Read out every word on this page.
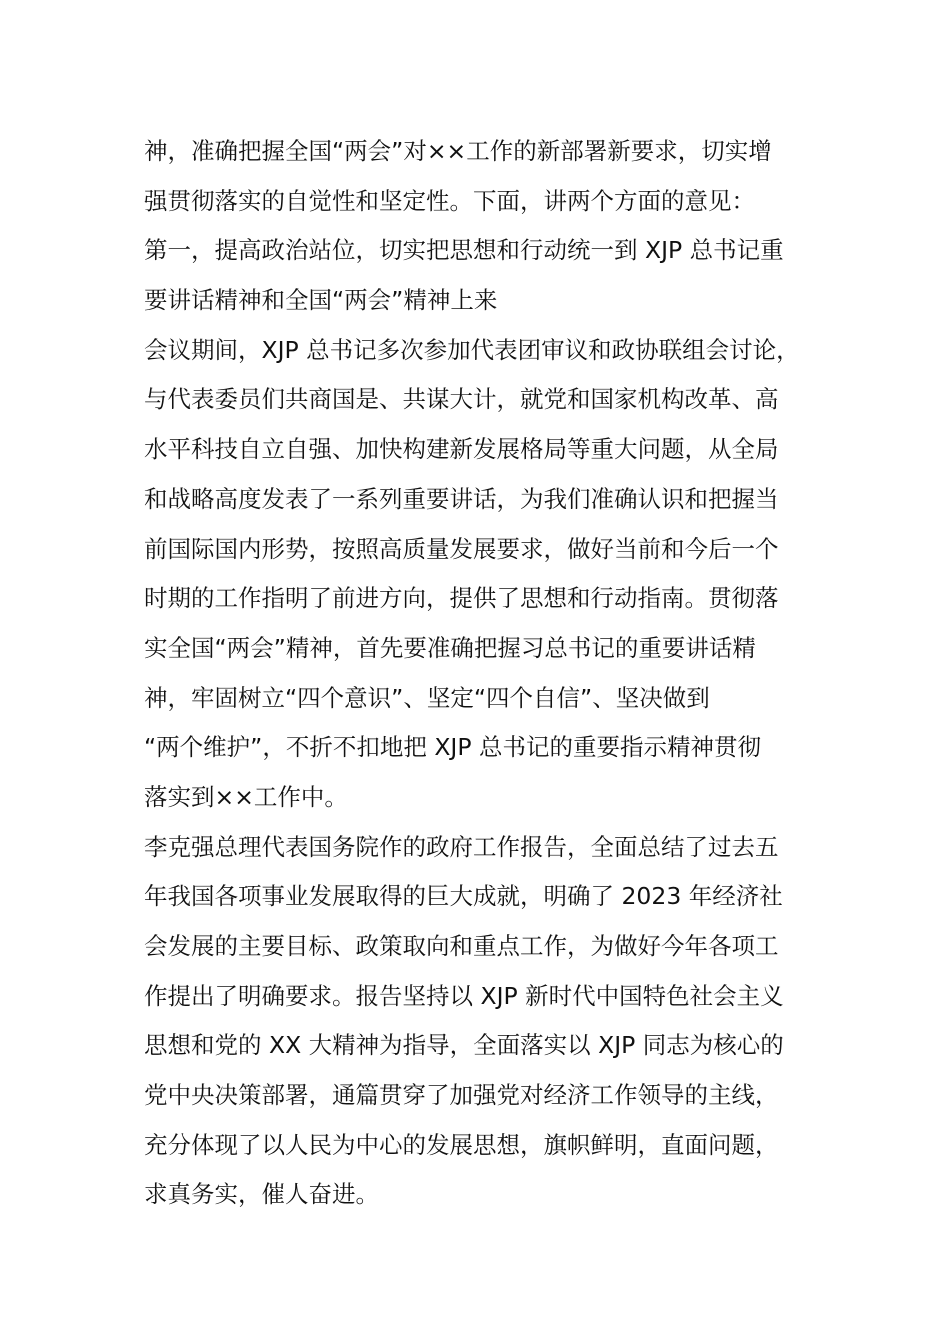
神，准确把握全国“两会”对××工作的新部署新要求，切实增
强贯彻落实的自觉性和坚定性。下面，讲两个方面的意见：
第一，提高政治站位，切实把思想和行动统一到 XJP 总书记重
要讲话精神和全国“两会”精神上来
会议期间，XJP 总书记多次参加代表团审议和政协联组会讨论，
与代表委员们共商国是、共谋大计，就党和国家机构改革、高
水平科技自立自强、加快构建新发展格局等重大问题，从全局
和战略高度发表了一系列重要讲话，为我们准确认识和把握当
前国际国内形势，按照高质量发展要求，做好当前和今后一个
时期的工作指明了前进方向，提供了思想和行动指南。贯彻落
实全国“两会”精神，首先要准确把握习总书记的重要讲话精
神，牢固树立“四个意识”、坚定“四个自信”、坚决做到
“两个维护”，不折不扣地把 XJP 总书记的重要指示精神贯彻
落实到××工作中。
李克强总理代表国务院作的政府工作报告，全面总结了过去五
年我国各项事业发展取得的巨大成就，明确了 2023 年经济社
会发展的主要目标、政策取向和重点工作，为做好今年各项工
作提出了明确要求。报告坚持以 XJP 新时代中国特色社会主义
思想和党的 XX 大精神为指导，全面落实以 XJP 同志为核心的
党中央决策部署，通篇贯穿了加强党对经济工作领导的主线，
充分体现了以人民为中心的发展思想，旗帜鲜明，直面问题，
求真务实，催人奋进。
